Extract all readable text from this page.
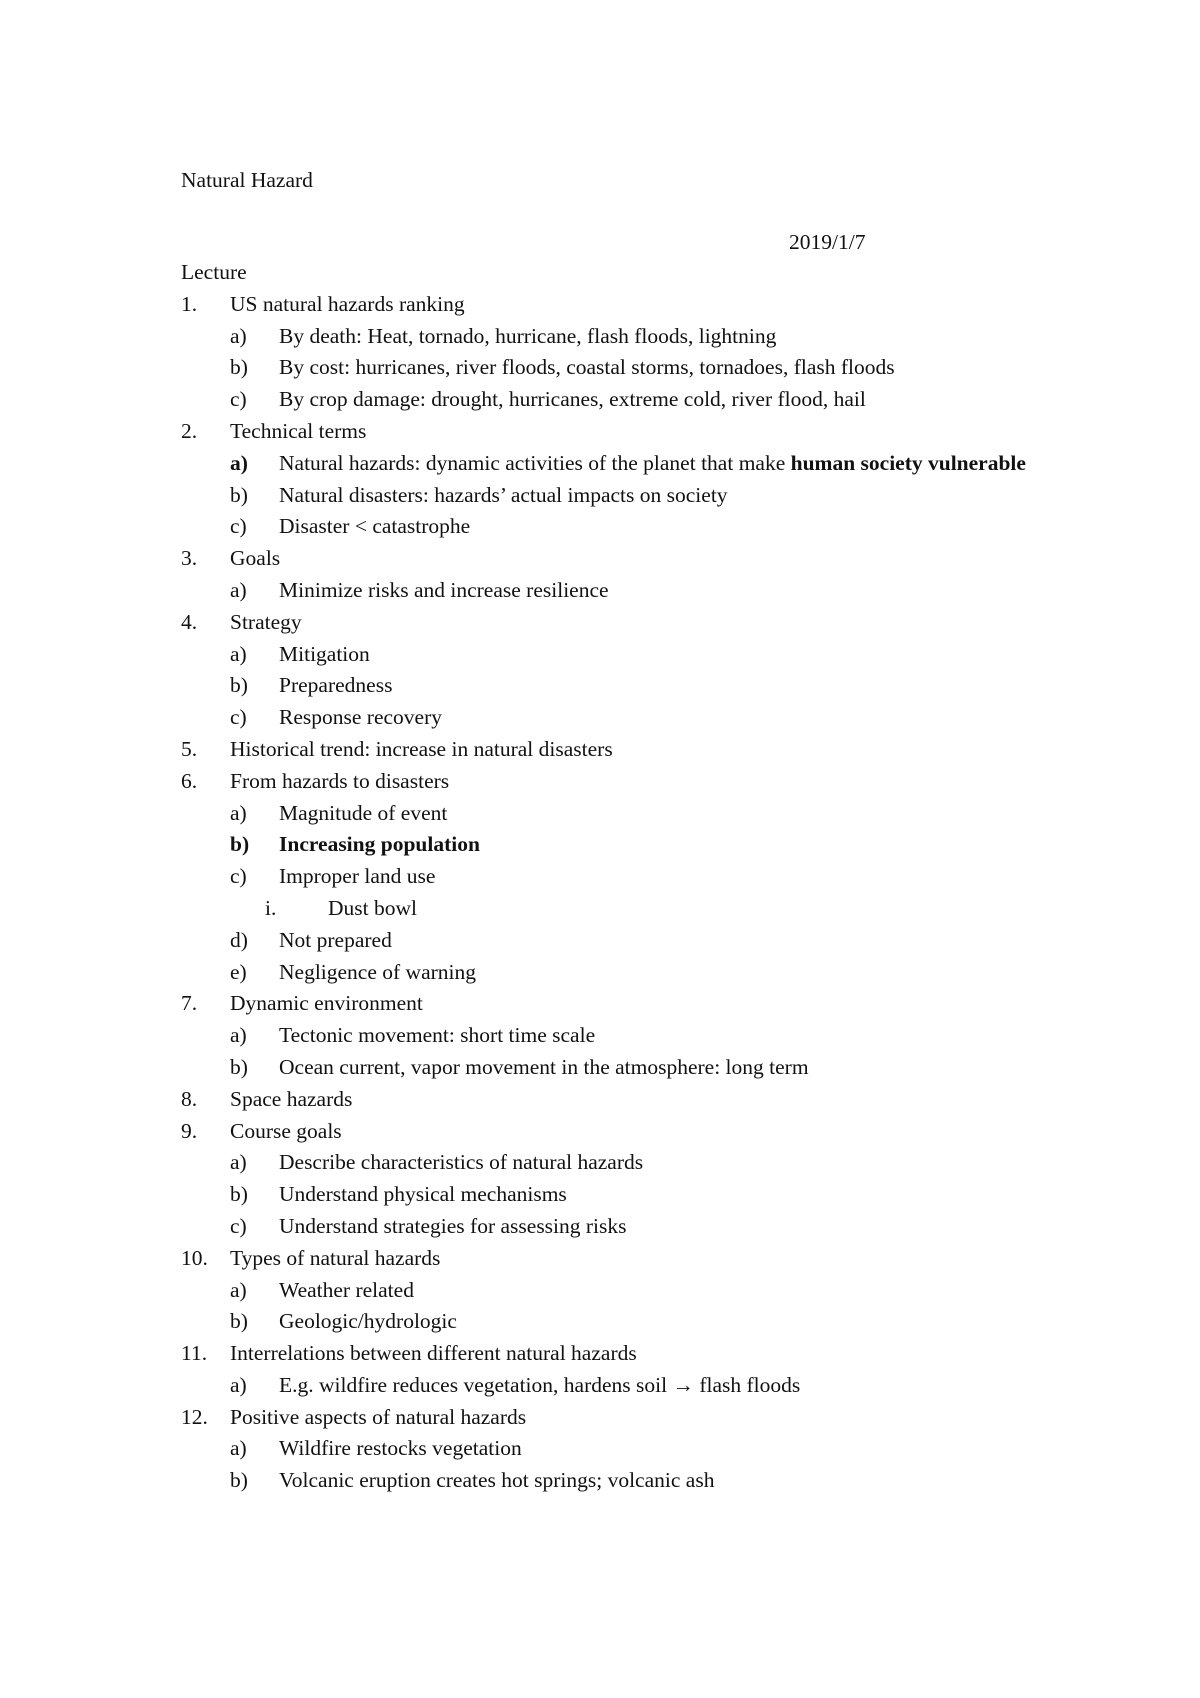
Natural Hazard
2019/1/7
Lecture
1.	US natural hazards ranking
a)	By death: Heat, tornado, hurricane, flash floods, lightning
b)	By cost: hurricanes, river floods, coastal storms, tornadoes, flash floods
c)	By crop damage: drought, hurricanes, extreme cold, river flood, hail
2.	Technical terms
a)	Natural hazards: dynamic activities of the planet that make human society vulnerable
b)	Natural disasters: hazards’ actual impacts on society
c)	Disaster < catastrophe
3.	Goals
a)	Minimize risks and increase resilience
4.	Strategy
a)	Mitigation
b)	Preparedness
c)	Response recovery
5.	Historical trend: increase in natural disasters
6.	From hazards to disasters
a)	Magnitude of event
b)	Increasing population
c)	Improper land use
i.	Dust bowl
d)	Not prepared
e)	Negligence of warning
7.	Dynamic environment
a)	Tectonic movement: short time scale
b)	Ocean current, vapor movement in the atmosphere: long term
8.	Space hazards
9.	Course goals
a)	Describe characteristics of natural hazards
b)	Understand physical mechanisms
c)	Understand strategies for assessing risks
10.	Types of natural hazards
a)	Weather related
b)	Geologic/hydrologic
11.	Interrelations between different natural hazards
a)	E.g. wildfire reduces vegetation, hardens soil → flash floods
12.	Positive aspects of natural hazards
a)	Wildfire restocks vegetation
b)	Volcanic eruption creates hot springs; volcanic ash
